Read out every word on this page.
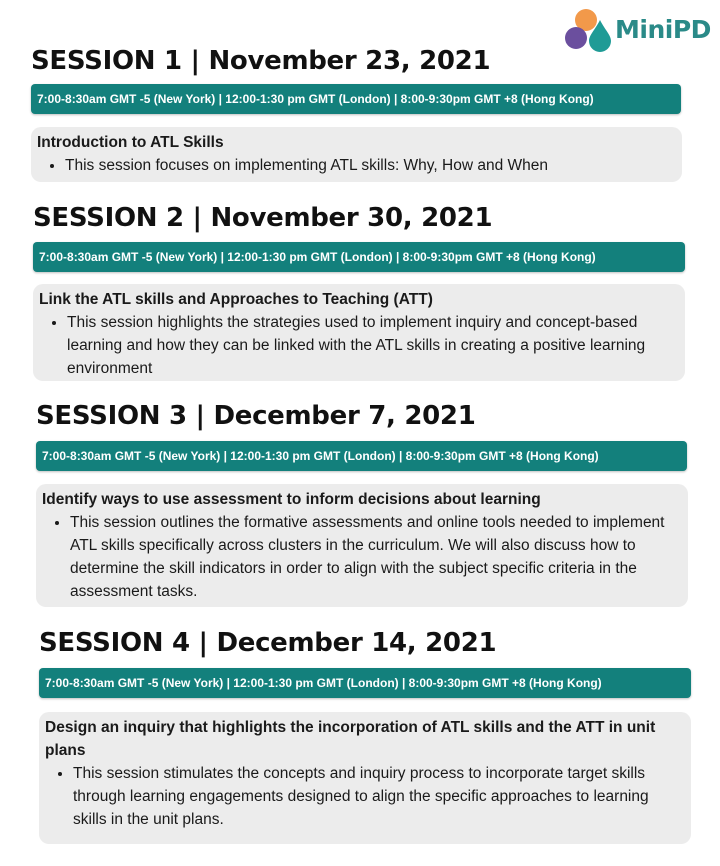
MiniPD
SESSION 1 | November 23, 2021
7:00-8:30am GMT -5 (New York) | 12:00-1:30 pm GMT (London) | 8:00-9:30pm GMT +8 (Hong Kong)

Introduction to ATL Skills

• This session focuses on implementing ATL skills: Why, How and When
SESSION 2 | November 30, 2021
7:00-8:30am GMT -5 (New York) | 12:00-1:30 pm GMT (London) | 8:00-9:30pm GMT +8 (Hong Kong)

Link the ATL skills and Approaches to Teaching (ATT)

• This session highlights the strategies used to implement inquiry and concept-based learning and how they can be linked with the ATL skills in creating a positive learning environment
SESSION 3 | December 7, 2021
7:00-8:30am GMT -5 (New York) | 12:00-1:30 pm GMT (London) | 8:00-9:30pm GMT +8 (Hong Kong)

Identify ways to use assessment to inform decisions about learning

• This session outlines the formative assessments and online tools needed to implement ATL skills specifically across clusters in the curriculum. We will also discuss how to determine the skill indicators in order to align with the subject specific criteria in the assessment tasks.
SESSION 4 | December 14, 2021
7:00-8:30am GMT -5 (New York) | 12:00-1:30 pm GMT (London) | 8:00-9:30pm GMT +8 (Hong Kong)

Design an inquiry that highlights the incorporation of ATL skills and the ATT in unit plans

• This session stimulates the concepts and inquiry process to incorporate target skills through learning engagements designed to align the specific approaches to learning skills in the unit plans.
